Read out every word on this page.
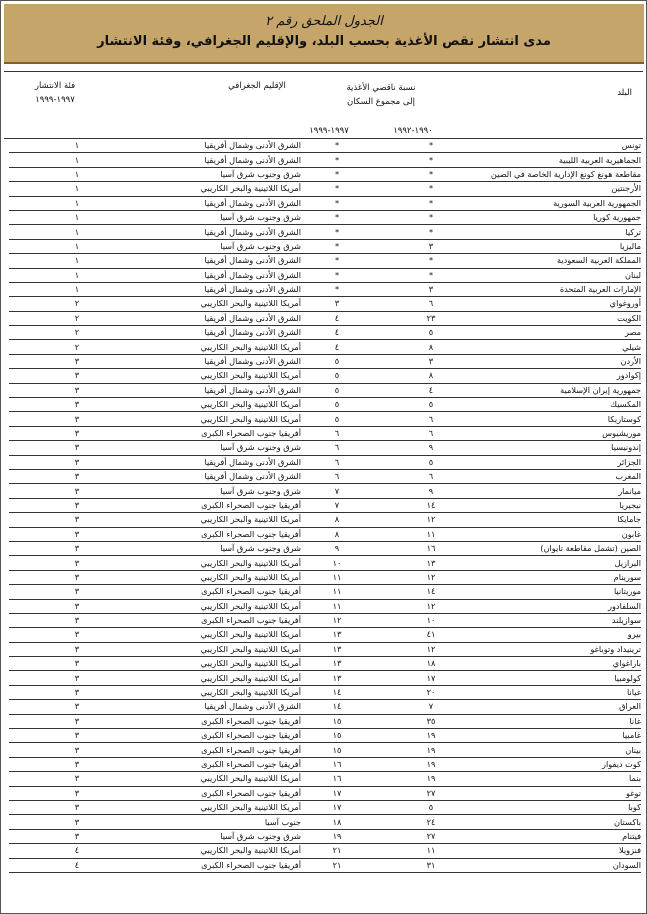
الجدول الملحق رقم ٢
مدى انتشار نقص الأغذية بحسب البلد، والإقليم الجغرافي، وفئة الانتشار
البلد
نسبة ناقصي الأغذية
إلى مجموع السكان
١٩٩٠-١٩٩٢
١٩٩٧-١٩٩٩
الإقليم الجغرافي
فئة الانتشار
١٩٩٧-١٩٩٩
تونس	*	*	الشرق الأدنى وشمال أفريقيا	١
الجماهيرية العربية الليبية	*	*	الشرق الأدنى وشمال أفريقيا	١
مقاطعة هونغ كونغ الإدارية الخاصة في الصين	*	*	شرق وجنوب شرق آسيا	١
الأرجنتين	*	*	أمريكا اللاتينية والبحر الكاريبي	١
الجمهورية العربية السورية	*	*	الشرق الأدنى وشمال أفريقيا	١
جمهورية كوريا	*	*	شرق وجنوب شرق آسيا	١
تركيا	*	*	الشرق الأدنى وشمال أفريقيا	١
ماليزيا	٣	*	شرق وجنوب شرق آسيا	١
المملكة العربية السعودية	*	*	الشرق الأدنى وشمال أفريقيا	١
لبنان	*	*	الشرق الأدنى وشمال أفريقيا	١
الإمارات العربية المتحدة	٣	*	الشرق الأدنى وشمال أفريقيا	١
أوروغواي	٦	٣	أمريكا اللاتينية والبحر الكاريبي	٢
الكويت	٢٣	٤	الشرق الأدنى وشمال أفريقيا	٢
مصر	٥	٤	الشرق الأدنى وشمال أفريقيا	٢
شيلي	٨	٤	أمريكا اللاتينية والبحر الكاريبي	٢
الأردن	٣	٥	الشرق الأدنى وشمال أفريقيا	٣
إكوادور	٨	٥	أمريكا اللاتينية والبحر الكاريبي	٣
جمهورية إيران الإسلامية	٤	٥	الشرق الأدنى وشمال أفريقيا	٣
المكسيك	٥	٥	أمريكا اللاتينية والبحر الكاريبي	٣
كوستاريكا	٦	٥	أمريكا اللاتينية والبحر الكاريبي	٣
موريشيوس	٦	٦	أفريقيا جنوب الصحراء الكبرى	٣
إندونيسيا	٩	٦	شرق وجنوب شرق آسيا	٣
الجزائر	٥	٦	الشرق الأدنى وشمال أفريقيا	٣
المغرب	٦	٦	الشرق الأدنى وشمال أفريقيا	٣
ميانمار	٩	٧	شرق وجنوب شرق آسيا	٣
نيجيريا	١٤	٧	أفريقيا جنوب الصحراء الكبرى	٣
جامايكا	١٢	٨	أمريكا اللاتينية والبحر الكاريبي	٣
غابون	١١	٨	أفريقيا جنوب الصحراء الكبرى	٣
الصين (تشمل مقاطعة تايوان)	١٦	٩	شرق وجنوب شرق آسيا	٣
البرازيل	١٣	١٠	أمريكا اللاتينية والبحر الكاريبي	٣
سورينام	١٢	١١	أمريكا اللاتينية والبحر الكاريبي	٣
موريتانيا	١٤	١١	أفريقيا جنوب الصحراء الكبرى	٣
السلفادور	١٢	١١	أمريكا اللاتينية والبحر الكاريبي	٣
سوازيلند	١٠	١٢	أفريقيا جنوب الصحراء الكبرى	٣
بيرو	٤١	١٣	أمريكا اللاتينية والبحر الكاريبي	٣
ترينيداد وتوباغو	١٢	١٣	أمريكا اللاتينية والبحر الكاريبي	٣
باراغواي	١٨	١٣	أمريكا اللاتينية والبحر الكاريبي	٣
كولومبيا	١٧	١٣	أمريكا اللاتينية والبحر الكاريبي	٣
غيانا	٢٠	١٤	أمريكا اللاتينية والبحر الكاريبي	٣
العراق	٧	١٤	الشرق الأدنى وشمال أفريقيا	٣
غانا	٣٥	١٥	أفريقيا جنوب الصحراء الكبرى	٣
غامبيا	١٩	١٥	أفريقيا جنوب الصحراء الكبرى	٣
بينان	١٩	١٥	أفريقيا جنوب الصحراء الكبرى	٣
كوت ديفوار	١٩	١٦	أفريقيا جنوب الصحراء الكبرى	٣
بنما	١٩	١٦	أمريكا اللاتينية والبحر الكاريبي	٣
توغو	٢٧	١٧	أفريقيا جنوب الصحراء الكبرى	٣
كوبا	٥	١٧	أمريكا اللاتينية والبحر الكاريبي	٣
باكستان	٢٤	١٨	جنوب آسيا	٣
فيتنام	٢٧	١٩	شرق وجنوب شرق آسيا	٣
فنزويلا	١١	٢١	أمريكا اللاتينية والبحر الكاريبي	٤
السودان	٣١	٢١	أفريقيا جنوب الصحراء الكبرى	٤
